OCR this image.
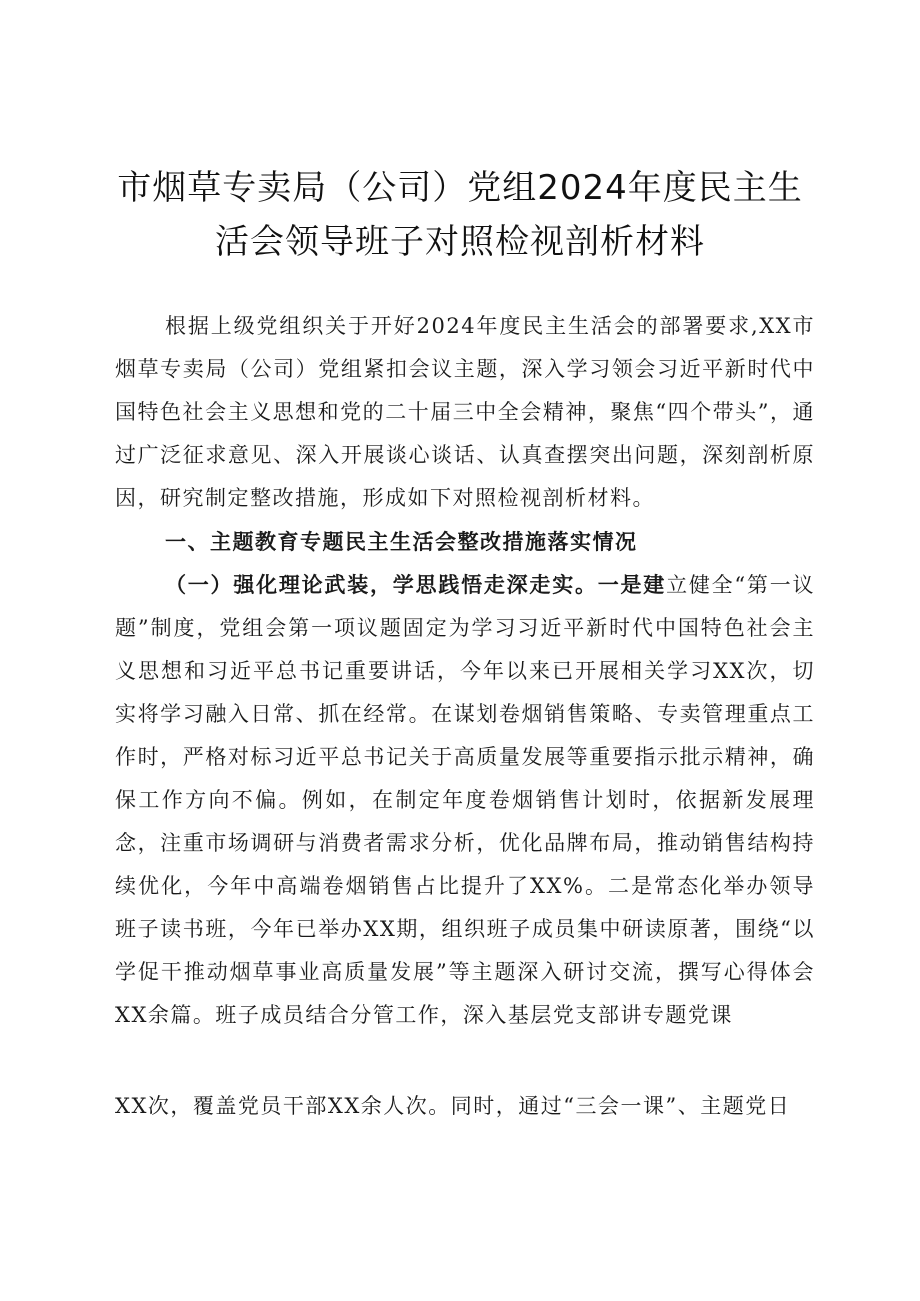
市烟草专卖局（公司）党组2024年度民主生
活会领导班子对照检视剖析材料

根据上级党组织关于开好2024年度民主生活会的部署要求,XX市烟草专卖局（公司）党组紧扣会议主题，深入学习领会习近平新时代中国特色社会主义思想和党的二十届三中全会精神，聚焦“四个带头”，通过广泛征求意见、深入开展谈心谈话、认真查摆突出问题，深刻剖析原因，研究制定整改措施，形成如下对照检视剖析材料。

一、主题教育专题民主生活会整改措施落实情况

（一）强化理论武装，学思践悟走深走实。一是建立健全“第一议题”制度，党组会第一项议题固定为学习习近平新时代中国特色社会主义思想和习近平总书记重要讲话，今年以来已开展相关学习XX次，切实将学习融入日常、抓在经常。在谋划卷烟销售策略、专卖管理重点工作时，严格对标习近平总书记关于高质量发展等重要指示批示精神，确保工作方向不偏。例如，在制定年度卷烟销售计划时，依据新发展理念，注重市场调研与消费者需求分析，优化品牌布局，推动销售结构持续优化，今年中高端卷烟销售占比提升了XX%。二是常态化举办领导班子读书班，今年已举办XX期，组织班子成员集中研读原著，围绕“以学促干推动烟草事业高质量发展”等主题深入研讨交流，撰写心得体会XX余篇。班子成员结合分管工作，深入基层党支部讲专题党课

XX次，覆盖党员干部XX余人次。同时，通过“三会一课”、主题党日
